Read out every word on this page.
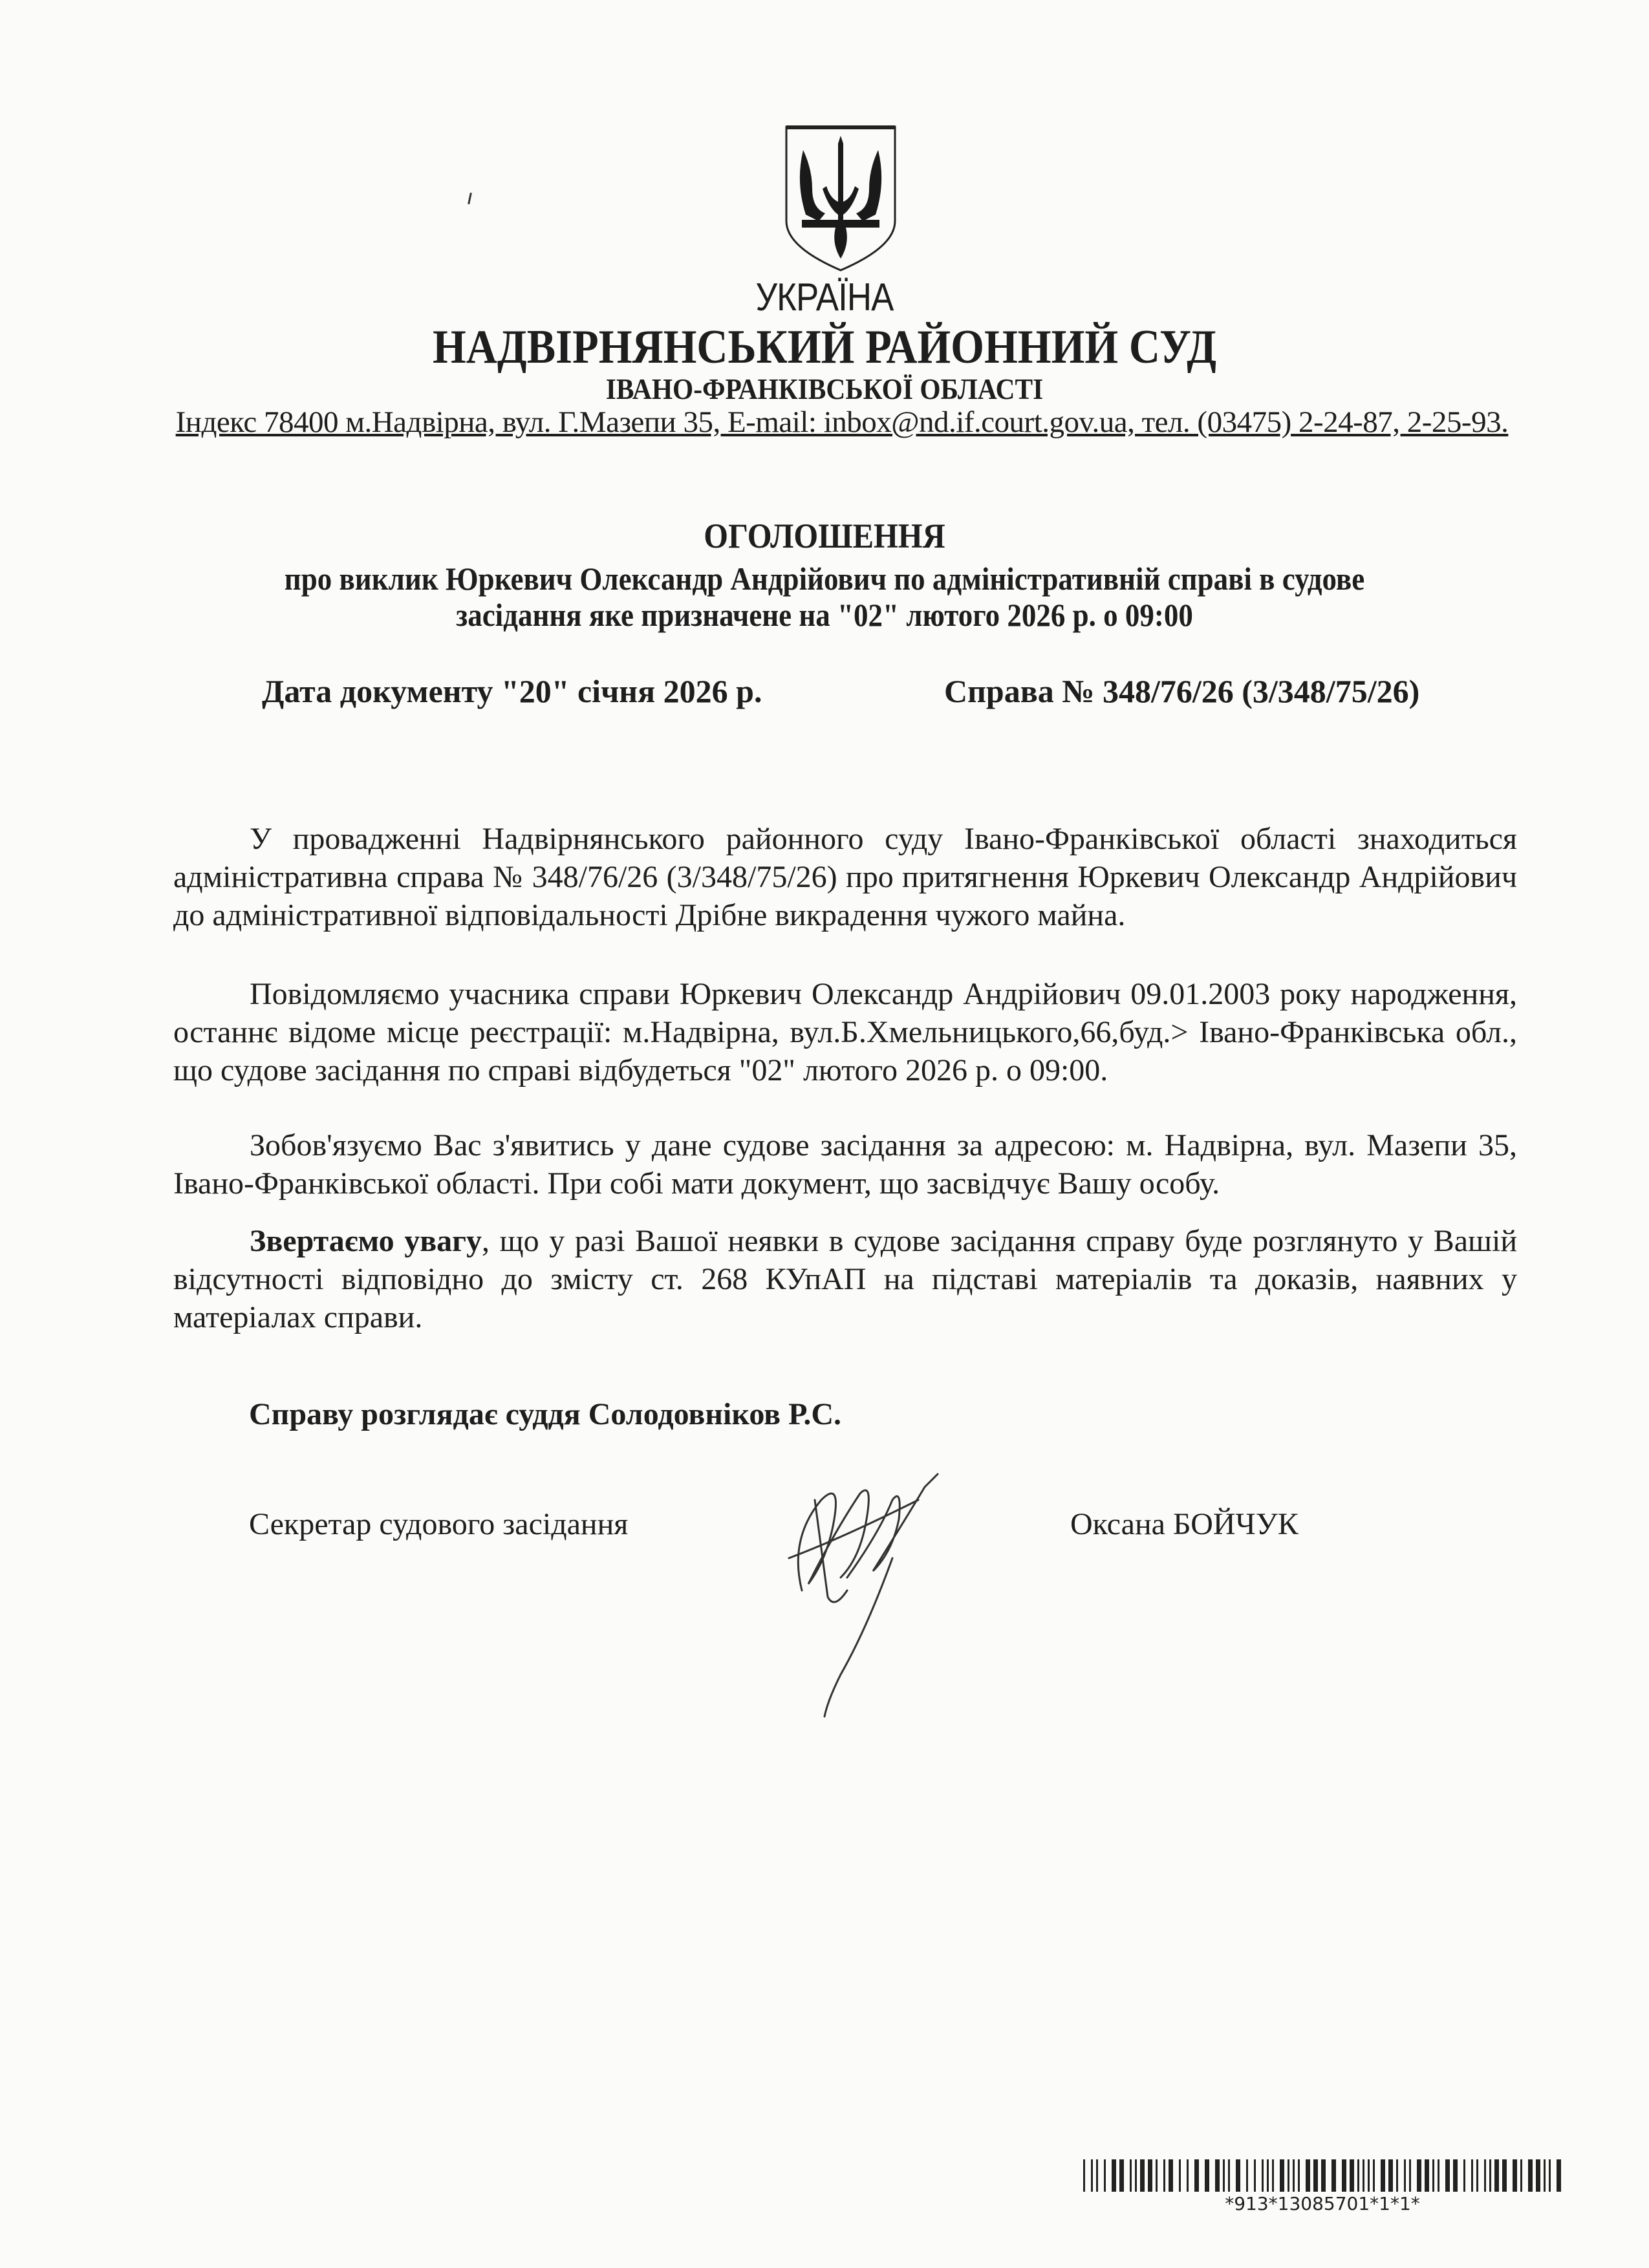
УКРАЇНА
НАДВІРНЯНСЬКИЙ РАЙОННИЙ СУД
ІВАНО-ФРАНКІВСЬКОЇ ОБЛАСТІ
Індекс 78400 м.Надвірна, вул. Г.Мазепи 35, E-mail: inbox@nd.if.court.gov.ua, тел. (03475) 2-24-87, 2-25-93.
ОГОЛОШЕННЯ
про виклик Юркевич Олександр Андрійович по адміністративній справі в судове
засідання яке призначене на "02" лютого 2026 р. о 09:00
Дата документу "20" січня 2026 р.	Справа № 348/76/26 (3/348/75/26)
У провадженні Надвірнянського районного суду Івано-Франківської області знаходиться адміністративна справа № 348/76/26 (3/348/75/26) про притягнення Юркевич Олександр Андрійович до адміністративної відповідальності Дрібне викрадення чужого майна.
Повідомляємо учасника справи Юркевич Олександр Андрійович 09.01.2003 року народження, останнє відоме місце реєстрації: м.Надвірна, вул.Б.Хмельницького,66,буд.> Івано-Франківська обл., що судове засідання по справі відбудеться "02" лютого 2026 р. о 09:00.
Зобов'язуємо Вас з'явитись у дане судове засідання за адресою: м. Надвірна, вул. Мазепи 35, Івано-Франківської області. При собі мати документ, що засвідчує Вашу особу.
Звертаємо увагу, що у разі Вашої неявки в судове засідання справу буде розглянуто у Вашій відсутності відповідно до змісту ст. 268 КУпАП на підставі матеріалів та доказів, наявних у матеріалах справи.
Справу розглядає суддя Солодовніков Р.С.
Секретар судового засідання	Оксана БОЙЧУК
*913*13085701*1*1*
